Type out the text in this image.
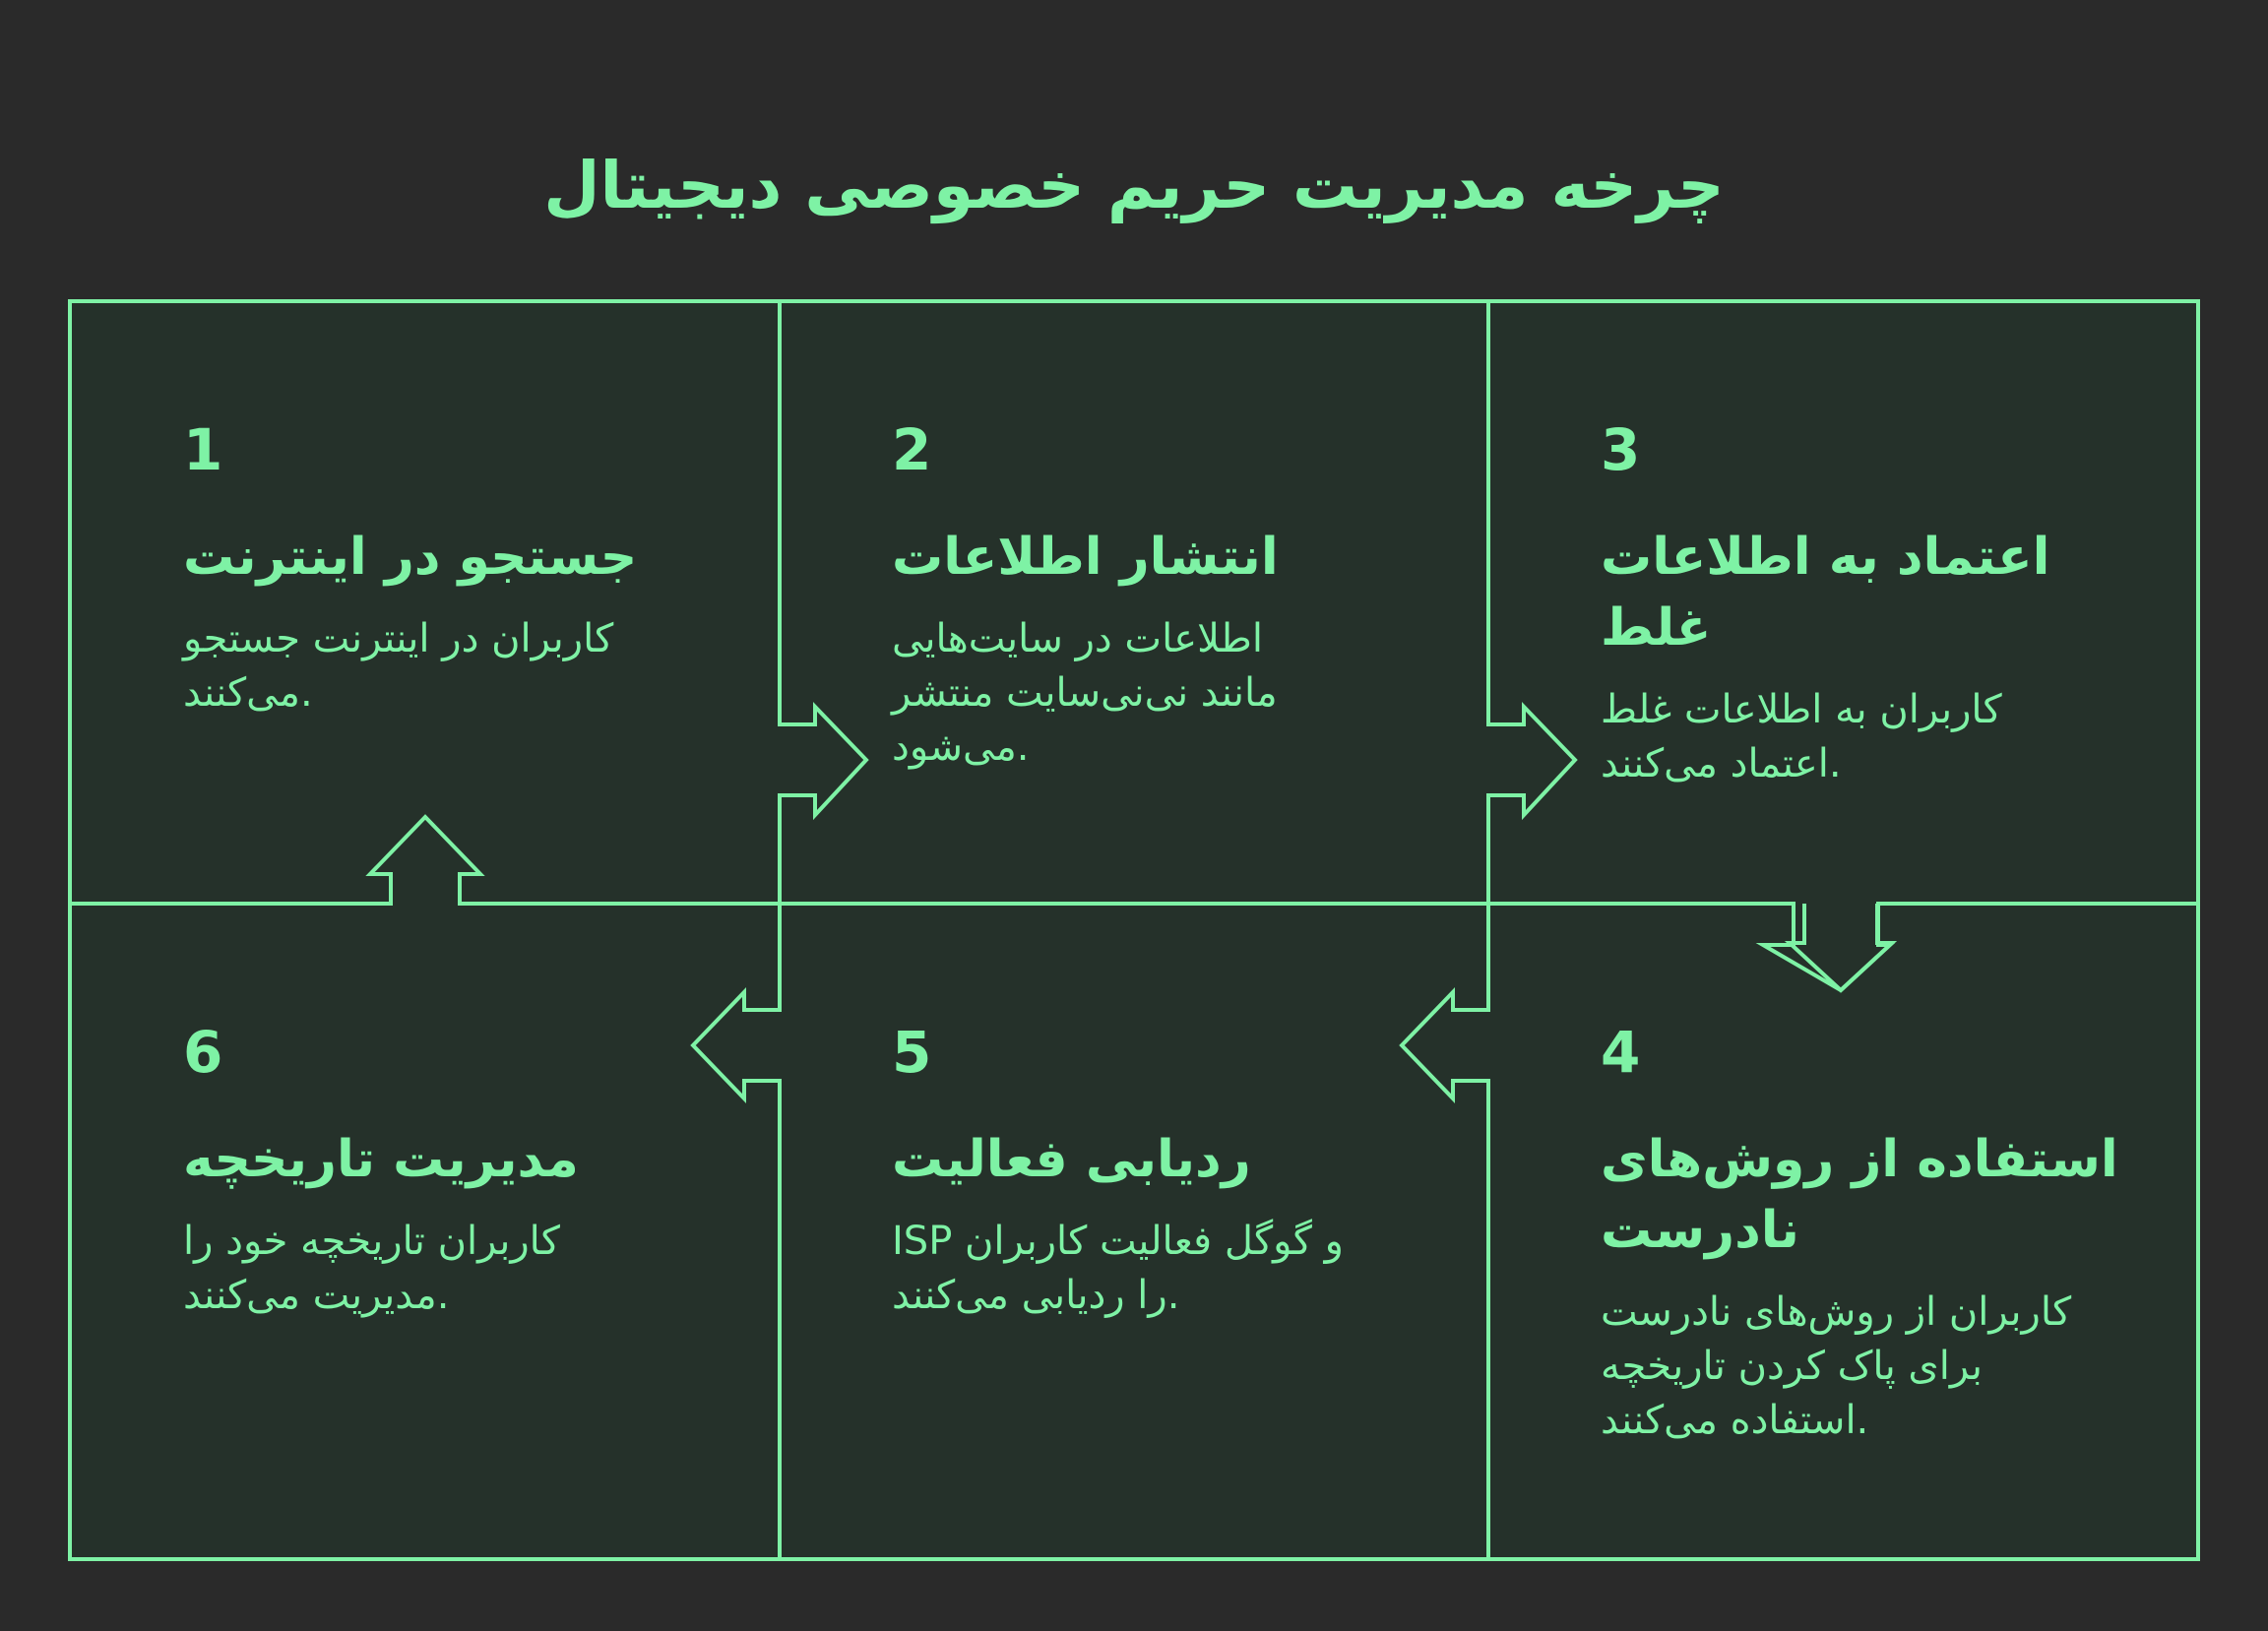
چرخه مدیریت حریم خصوصی دیجیتال
1
جستجو در اینترنت
کاربران در اینترنت جستجو
.می‌کنند
2
انتشار اطلاعات
اطلاعات در سایت‌هایی
مانند نی‌نی‌سایت منتشر
.می‌شود
3
اعتماد به اطلاعات
غلط
کاربران به اطلاعات غلط
.اعتماد می‌کنند
4
استفاده از روش‌های
نادرست
کاربران از روش‌های نادرست
برای پاک کردن تاریخچه
.استفاده می‌کنند
5
ردیابی فعالیت
ISP و گوگل فعالیت کاربران
.را ردیابی می‌کنند
6
مدیریت تاریخچه
کاربران تاریخچه خود را
.مدیریت می‌کنند
